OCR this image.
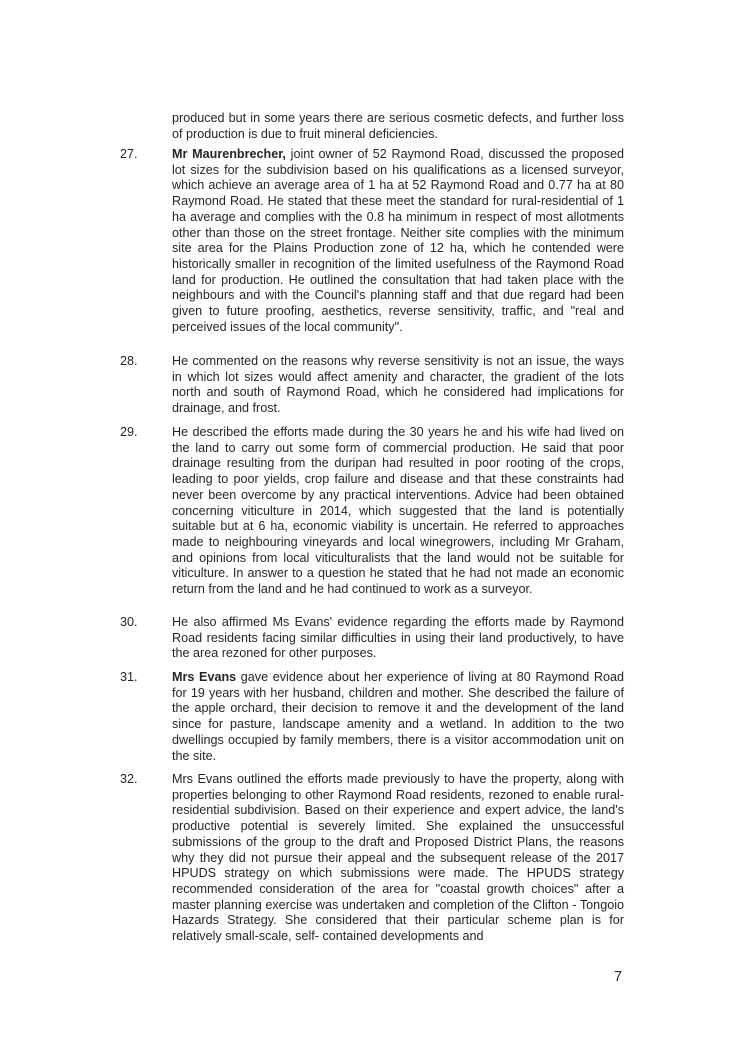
produced but in some years there are serious cosmetic defects, and further loss of production is due to fruit mineral deficiencies.

27.	Mr Maurenbrecher, joint owner of 52 Raymond Road, discussed the proposed lot sizes for the subdivision based on his qualifications as a licensed surveyor, which achieve an average area of 1 ha at 52 Raymond Road and 0.77 ha at 80 Raymond Road. He stated that these meet the standard for rural-residential of 1 ha average and complies with the 0.8 ha minimum in respect of most allotments other than those on the street frontage. Neither site complies with the minimum site area for the Plains Production zone of 12 ha, which he contended were historically smaller in recognition of the limited usefulness of the Raymond Road land for production. He outlined the consultation that had taken place with the neighbours and with the Council's planning staff and that due regard had been given to future proofing, aesthetics, reverse sensitivity, traffic, and "real and perceived issues of the local community".

28.	He commented on the reasons why reverse sensitivity is not an issue, the ways in which lot sizes would affect amenity and character, the gradient of the lots north and south of Raymond Road, which he considered had implications for drainage, and frost.

29.	He described the efforts made during the 30 years he and his wife had lived on the land to carry out some form of commercial production. He said that poor drainage resulting from the duripan had resulted in poor rooting of the crops, leading to poor yields, crop failure and disease and that these constraints had never been overcome by any practical interventions. Advice had been obtained concerning viticulture in 2014, which suggested that the land is potentially suitable but at 6 ha, economic viability is uncertain. He referred to approaches made to neighbouring vineyards and local winegrowers, including Mr Graham, and opinions from local viticulturalists that the land would not be suitable for viticulture. In answer to a question he stated that he had not made an economic return from the land and he had continued to work as a surveyor.

30.	He also affirmed Ms Evans' evidence regarding the efforts made by Raymond Road residents facing similar difficulties in using their land productively, to have the area rezoned for other purposes.

31.	Mrs Evans gave evidence about her experience of living at 80 Raymond Road for 19 years with her husband, children and mother. She described the failure of the apple orchard, their decision to remove it and the development of the land since for pasture, landscape amenity and a wetland. In addition to the two dwellings occupied by family members, there is a visitor accommodation unit on the site.

32.	Mrs Evans outlined the efforts made previously to have the property, along with properties belonging to other Raymond Road residents, rezoned to enable rural-residential subdivision. Based on their experience and expert advice, the land's productive potential is severely limited. She explained the unsuccessful submissions of the group to the draft and Proposed District Plans, the reasons why they did not pursue their appeal and the subsequent release of the 2017 HPUDS strategy on which submissions were made. The HPUDS strategy recommended consideration of the area for "coastal growth choices" after a master planning exercise was undertaken and completion of the Clifton - Tongoio Hazards Strategy. She considered that their particular scheme plan is for relatively small-scale, self- contained developments and

7
